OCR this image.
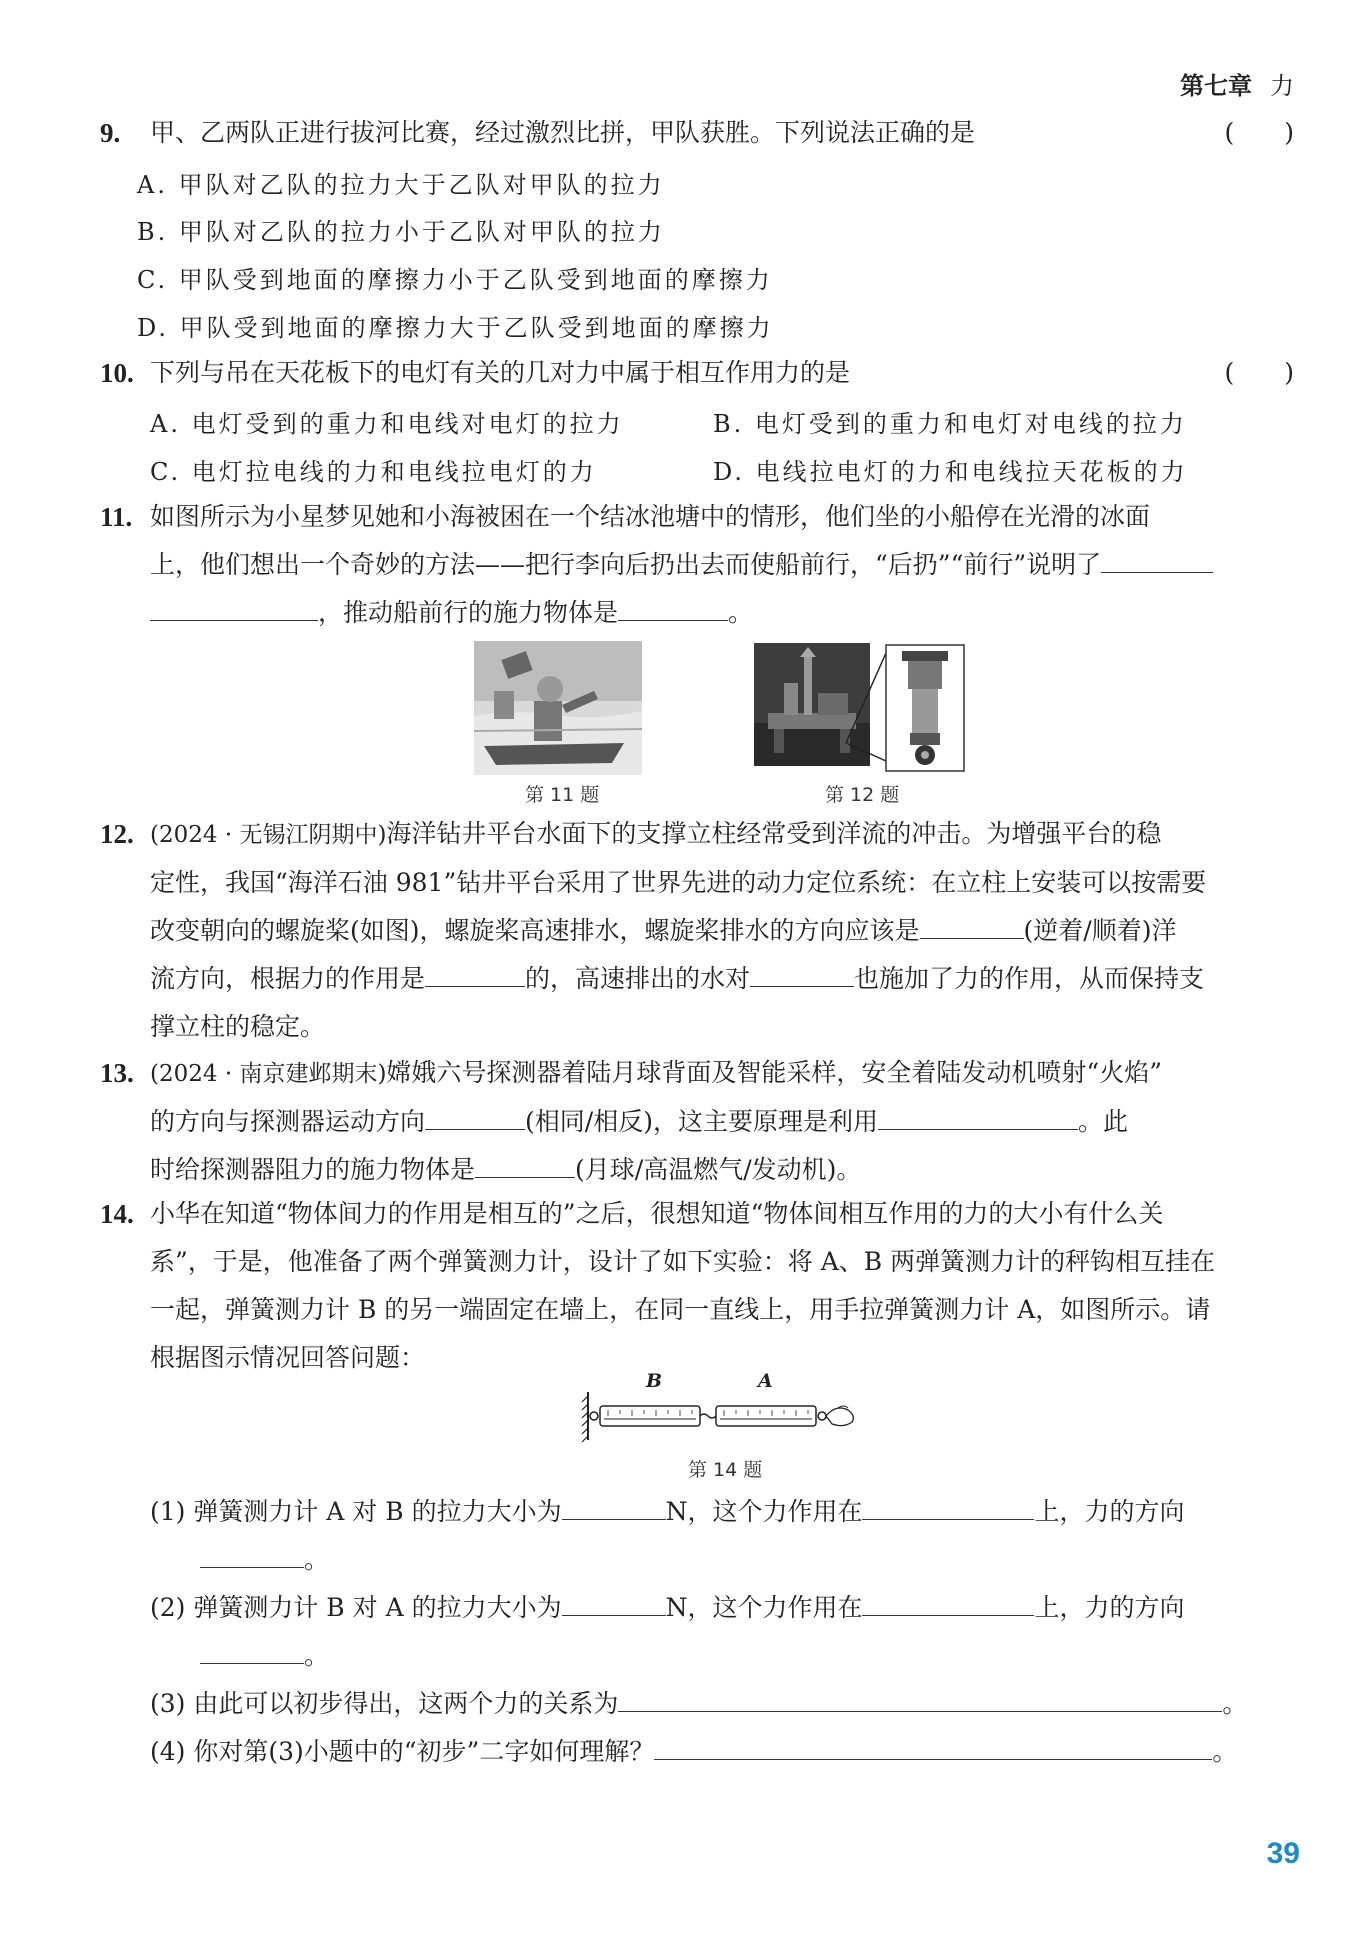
第七章 力
9. 甲、乙两队正进行拔河比赛，经过激烈比拼，甲队获胜。下列说法正确的是	(　　)
A. 甲队对乙队的拉力大于乙队对甲队的拉力
B. 甲队对乙队的拉力小于乙队对甲队的拉力
C. 甲队受到地面的摩擦力小于乙队受到地面的摩擦力
D. 甲队受到地面的摩擦力大于乙队受到地面的摩擦力
10. 下列与吊在天花板下的电灯有关的几对力中属于相互作用力的是	(　　)
A. 电灯受到的重力和电线对电灯的拉力	B. 电灯受到的重力和电灯对电线的拉力
C. 电灯拉电线的力和电线拉电灯的力	D. 电线拉电灯的力和电线拉天花板的力
11. 如图所示为小星梦见她和小海被困在一个结冰池塘中的情形，他们坐的小船停在光滑的冰面
上，他们想出一个奇妙的方法——把行李向后扔出去而使船前行，“后扔”“前行”说明了
，推动船前行的施力物体是	。
第 11 题	第 12 题
12. (2024 · 无锡江阴期中)海洋钻井平台水面下的支撑立柱经常受到洋流的冲击。为增强平台的稳
定性，我国“海洋石油 981”钻井平台采用了世界先进的动力定位系统：在立柱上安装可以按需要
改变朝向的螺旋桨(如图)，螺旋桨高速排水，螺旋桨排水的方向应该是	(逆着/顺着)洋
流方向，根据力的作用是	的，高速排出的水对	也施加了力的作用，从而保持支
撑立柱的稳定。
13. (2024 · 南京建邺期末)嫦娥六号探测器着陆月球背面及智能采样，安全着陆发动机喷射“火焰”
的方向与探测器运动方向	(相同/相反)，这主要原理是利用	。此
时给探测器阻力的施力物体是	(月球/高温燃气/发动机)。
14. 小华在知道“物体间力的作用是相互的”之后，很想知道“物体间相互作用的力的大小有什么关
系”，于是，他准备了两个弹簧测力计，设计了如下实验：将 A、B 两弹簧测力计的秤钩相互挂在
一起，弹簧测力计 B 的另一端固定在墙上，在同一直线上，用手拉弹簧测力计 A，如图所示。请
根据图示情况回答问题：
B	A
第 14 题
(1) 弹簧测力计 A 对 B 的拉力大小为	N，这个力作用在	上，力的方向
。
(2) 弹簧测力计 B 对 A 的拉力大小为	N，这个力作用在	上，力的方向
。
(3) 由此可以初步得出，这两个力的关系为	。
(4) 你对第(3)小题中的“初步”二字如何理解？	。
39
